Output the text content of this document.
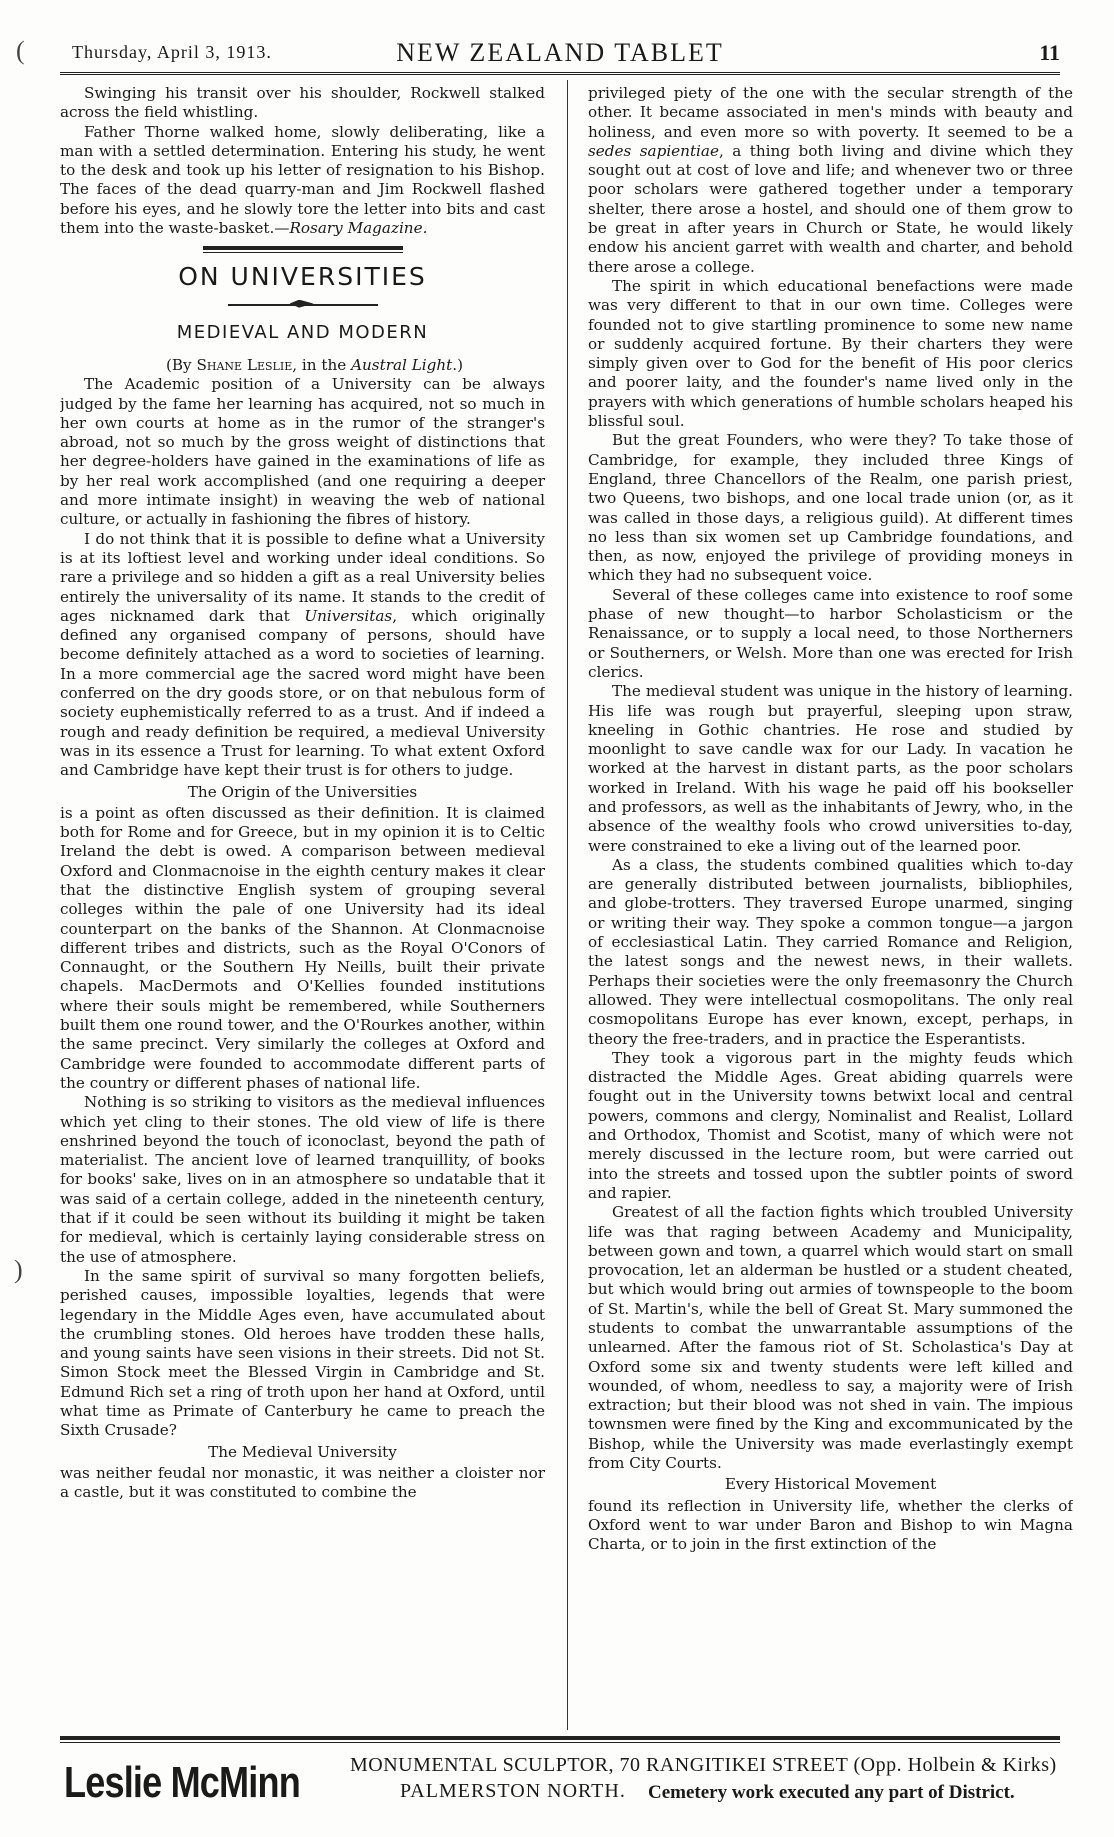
Thursday, April 3, 1913.	NEW ZEALAND TABLET	11
(
)

Swinging his transit over his shoulder, Rockwell stalked across the field whistling.

Father Thorne walked home, slowly deliberating, like a man with a settled determination. Entering his study, he went to the desk and took up his letter of resignation to his Bishop. The faces of the dead quarry-man and Jim Rockwell flashed before his eyes, and he slowly tore the letter into bits and cast them into the waste-basket.—Rosary Magazine.

ON UNIVERSITIES
MEDIEVAL AND MODERN

(By Shane Leslie, in the Austral Light.)

The Academic position of a University can be always judged by the fame her learning has acquired, not so much in her own courts at home as in the rumor of the stranger's abroad, not so much by the gross weight of distinctions that her degree-holders have gained in the examinations of life as by her real work accomplished (and one requiring a deeper and more intimate insight) in weaving the web of national culture, or actually in fashioning the fibres of history.

I do not think that it is possible to define what a University is at its loftiest level and working under ideal conditions. So rare a privilege and so hidden a gift as a real University belies entirely the universality of its name. It stands to the credit of ages nicknamed dark that Universitas, which originally defined any organised company of persons, should have become definitely attached as a word to societies of learning. In a more commercial age the sacred word might have been conferred on the dry goods store, or on that nebulous form of society euphemistically referred to as a trust. And if indeed a rough and ready definition be required, a medieval University was in its essence a Trust for learning. To what extent Oxford and Cambridge have kept their trust is for others to judge.

The Origin of the Universities

is a point as often discussed as their definition. It is claimed both for Rome and for Greece, but in my opinion it is to Celtic Ireland the debt is owed. A comparison between medieval Oxford and Clonmacnoise in the eighth century makes it clear that the distinctive English system of grouping several colleges within the pale of one University had its ideal counterpart on the banks of the Shannon. At Clonmacnoise different tribes and districts, such as the Royal O'Conors of Connaught, or the Southern Hy Neills, built their private chapels. MacDermots and O'Kellies founded institutions where their souls might be remembered, while Southerners built them one round tower, and the O'Rourkes another, within the same precinct. Very similarly the colleges at Oxford and Cambridge were founded to accommodate different parts of the country or different phases of national life.

Nothing is so striking to visitors as the medieval influences which yet cling to their stones. The old view of life is there enshrined beyond the touch of iconoclast, beyond the path of materialist. The ancient love of learned tranquillity, of books for books' sake, lives on in an atmosphere so undatable that it was said of a certain college, added in the nineteenth century, that if it could be seen without its building it might be taken for medieval, which is certainly laying considerable stress on the use of atmosphere.

In the same spirit of survival so many forgotten beliefs, perished causes, impossible loyalties, legends that were legendary in the Middle Ages even, have accumulated about the crumbling stones. Old heroes have trodden these halls, and young saints have seen visions in their streets. Did not St. Simon Stock meet the Blessed Virgin in Cambridge and St. Edmund Rich set a ring of troth upon her hand at Oxford, until what time as Primate of Canterbury he came to preach the Sixth Crusade?

The Medieval University

was neither feudal nor monastic, it was neither a cloister nor a castle, but it was constituted to combine the

privileged piety of the one with the secular strength of the other. It became associated in men's minds with beauty and holiness, and even more so with poverty. It seemed to be a sedes sapientiae, a thing both living and divine which they sought out at cost of love and life; and whenever two or three poor scholars were gathered together under a temporary shelter, there arose a hostel, and should one of them grow to be great in after years in Church or State, he would likely endow his ancient garret with wealth and charter, and behold there arose a college.

The spirit in which educational benefactions were made was very different to that in our own time. Colleges were founded not to give startling prominence to some new name or suddenly acquired fortune. By their charters they were simply given over to God for the benefit of His poor clerics and poorer laity, and the founder's name lived only in the prayers with which generations of humble scholars heaped his blissful soul.

But the great Founders, who were they? To take those of Cambridge, for example, they included three Kings of England, three Chancellors of the Realm, one parish priest, two Queens, two bishops, and one local trade union (or, as it was called in those days, a religious guild). At different times no less than six women set up Cambridge foundations, and then, as now, enjoyed the privilege of providing moneys in which they had no subsequent voice.

Several of these colleges came into existence to roof some phase of new thought—to harbor Scholasticism or the Renaissance, or to supply a local need, to those Northerners or Southerners, or Welsh. More than one was erected for Irish clerics.

The medieval student was unique in the history of learning. His life was rough but prayerful, sleeping upon straw, kneeling in Gothic chantries. He rose and studied by moonlight to save candle wax for our Lady. In vacation he worked at the harvest in distant parts, as the poor scholars worked in Ireland. With his wage he paid off his bookseller and professors, as well as the inhabitants of Jewry, who, in the absence of the wealthy fools who crowd universities to-day, were constrained to eke a living out of the learned poor.

As a class, the students combined qualities which to-day are generally distributed between journalists, bibliophiles, and globe-trotters. They traversed Europe unarmed, singing or writing their way. They spoke a common tongue—a jargon of ecclesiastical Latin. They carried Romance and Religion, the latest songs and the newest news, in their wallets. Perhaps their societies were the only freemasonry the Church allowed. They were intellectual cosmopolitans. The only real cosmopolitans Europe has ever known, except, perhaps, in theory the free-traders, and in practice the Esperantists.

They took a vigorous part in the mighty feuds which distracted the Middle Ages. Great abiding quarrels were fought out in the University towns betwixt local and central powers, commons and clergy, Nominalist and Realist, Lollard and Orthodox, Thomist and Scotist, many of which were not merely discussed in the lecture room, but were carried out into the streets and tossed upon the subtler points of sword and rapier.

Greatest of all the faction fights which troubled University life was that raging between Academy and Municipality, between gown and town, a quarrel which would start on small provocation, let an alderman be hustled or a student cheated, but which would bring out armies of townspeople to the boom of St. Martin's, while the bell of Great St. Mary summoned the students to combat the unwarrantable assumptions of the unlearned. After the famous riot of St. Scholastica's Day at Oxford some six and twenty students were left killed and wounded, of whom, needless to say, a majority were of Irish extraction; but their blood was not shed in vain. The impious townsmen were fined by the King and excommunicated by the Bishop, while the University was made everlastingly exempt from City Courts.

Every Historical Movement

found its reflection in University life, whether the clerks of Oxford went to war under Baron and Bishop to win Magna Charta, or to join in the first extinction of the

Leslie McMinn	MONUMENTAL SCULPTOR, 70 RANGITIKEI STREET (Opp. Holbein & Kirks)
PALMERSTON NORTH. Cemetery work executed any part of District.
